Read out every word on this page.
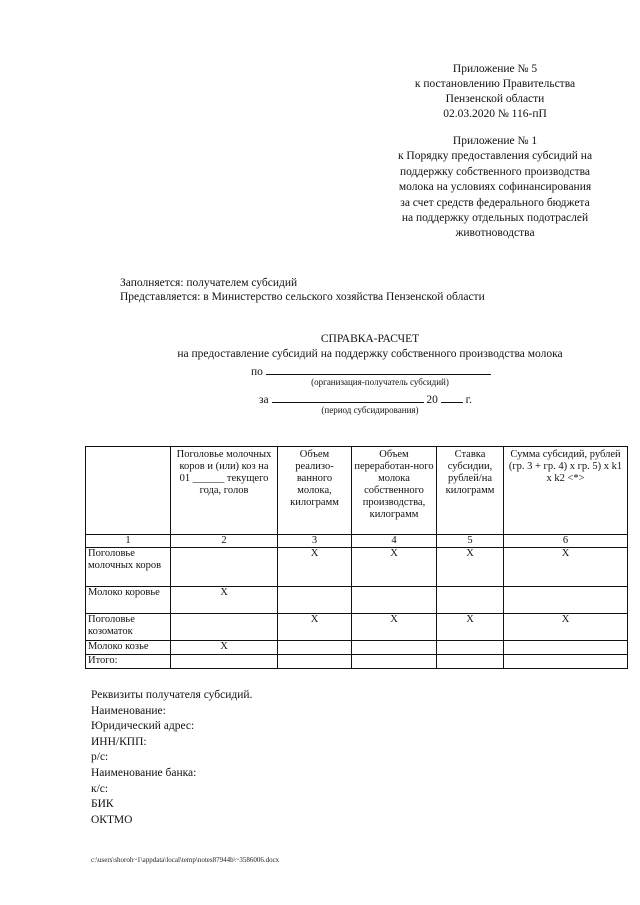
Приложение № 5
к постановлению Правительства
Пензенской области
02.03.2020 № 116-пП
Приложение № 1
к Порядку предоставления субсидий на
поддержку собственного производства
молока на условиях софинансирования
за счет средств федерального бюджета
на поддержку отдельных подотраслей
животноводства
Заполняется: получателем субсидий
Представляется: в Министерство сельского хозяйства Пензенской области
СПРАВКА-РАСЧЕТ
на предоставление субсидий на поддержку собственного производства молока
по
(организация-получатель субсидий)
за	20 г.
(период субсидирования)
	Поголовье молочных коров и (или) коз на 01 ______ текущего года, голов	Объем реализо-ванного молока, килограмм	Объем переработан-ного молока собственного производства, килограмм	Ставка субсидии, рублей/на килограмм	Сумма субсидий, рублей (гр. 3 + гр. 4) x гр. 5) x k1 x k2 <*>
1	2	3	4	5	6
Поголовье молочных коров		X	X	X	X
Молоко коровье	X				
Поголовье козоматок		X	X	X	X
Молоко козье	X				
Итого:					
Реквизиты получателя субсидий.
Наименование:
Юридический адрес:
ИНН/КПП:
р/с:
Наименование банка:
к/с:
БИК
ОКТМО
c:\users\shoroh~1\appdata\local\temp\notes87944b\~3586006.docx
